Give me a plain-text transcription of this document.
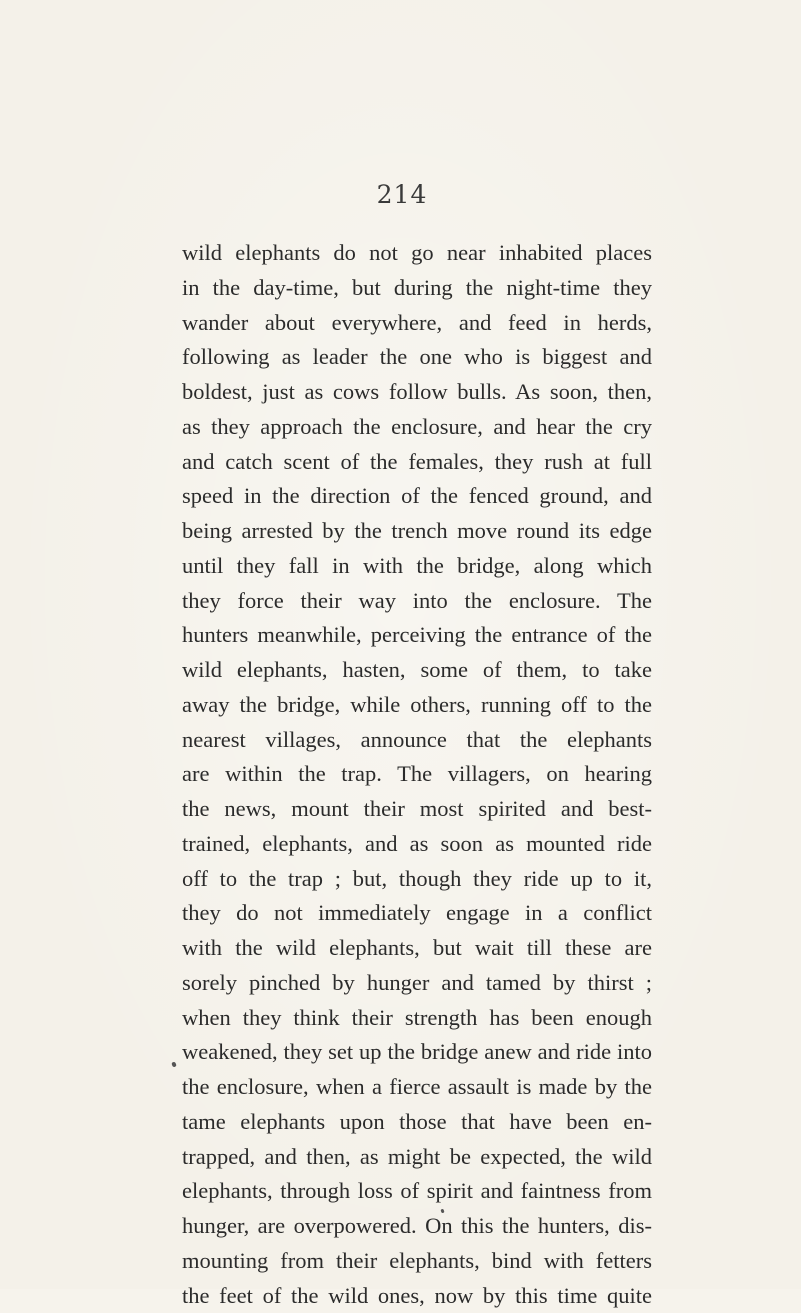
214
wild elephants do not go near inhabited places
in the day-time, but during the night-time they
wander about everywhere, and feed in herds,
following as leader the one who is biggest and
boldest, just as cows follow bulls. As soon, then,
as they approach the enclosure, and hear the cry
and catch scent of the females, they rush at full
speed in the direction of the fenced ground, and
being arrested by the trench move round its edge
until they fall in with the bridge, along which
they force their way into the enclosure. The
hunters meanwhile, perceiving the entrance of the
wild elephants, hasten, some of them, to take
away the bridge, while others, running off to the
nearest villages, announce that the elephants
are within the trap. The villagers, on hearing
the news, mount their most spirited and best-
trained, elephants, and as soon as mounted ride
off to the trap ; but, though they ride up to it,
they do not immediately engage in a conflict
with the wild elephants, but wait till these are
sorely pinched by hunger and tamed by thirst ;
when they think their strength has been enough
weakened, they set up the bridge anew and ride into
the enclosure, when a fierce assault is made by the
tame elephants upon those that have been en-
trapped, and then, as might be expected, the wild
elephants, through loss of spirit and faintness from
hunger, are overpowered. On this the hunters, dis-
mounting from their elephants, bind with fetters
the feet of the wild ones, now by this time quite
